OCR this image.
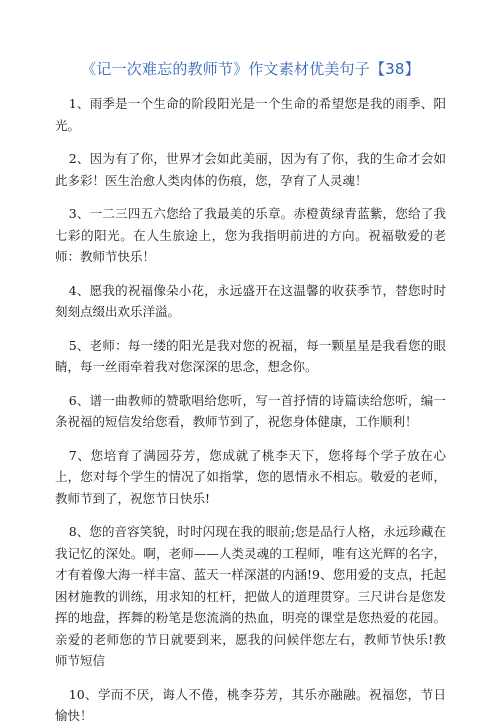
《记一次难忘的教师节》作文素材优美句子【38】

1、雨季是一个生命的阶段阳光是一个生命的希望您是我的雨季、阳光。

2、因为有了你，世界才会如此美丽，因为有了你，我的生命才会如此多彩！医生治愈人类肉体的伤痕，您，孕育了人灵魂！

3、一二三四五六您给了我最美的乐章。赤橙黄绿青蓝紫，您给了我七彩的阳光。在人生旅途上，您为我指明前进的方向。祝福敬爱的老师：教师节快乐！

4、愿我的祝福像朵小花，永远盛开在这温馨的收获季节，替您时时刻刻点缀出欢乐洋溢。

5、老师：每一缕的阳光是我对您的祝福，每一颗星星是我看您的眼睛，每一丝雨牵着我对您深深的思念，想念你。

6、谱一曲教师的赞歌唱给您听，写一首抒情的诗篇读给您听，编一条祝福的短信发给您看，教师节到了，祝您身体健康，工作顺利！

7、您培育了满园芬芳，您成就了桃李天下，您将每个学子放在心上，您对每个学生的情况了如指掌，您的恩情永不相忘。敬爱的老师，教师节到了，祝您节日快乐!

8、您的音容笑貌，时时闪现在我的眼前;您是品行人格，永远珍藏在我记忆的深处。啊，老师——人类灵魂的工程师，唯有这光辉的名字，才有着像大海一样丰富、蓝天一样深湛的内涵!9、您用爱的支点，托起困材施教的训练，用求知的杠杆，把做人的道理贯穿。三尺讲台是您发挥的地盘，挥舞的粉笔是您流淌的热血，明亮的课堂是您热爱的花园。亲爱的老师您的节日就要到来，愿我的问候伴您左右，教师节快乐!教师节短信

10、学而不厌，诲人不倦，桃李芬芳，其乐亦融融。祝福您，节日愉快！
